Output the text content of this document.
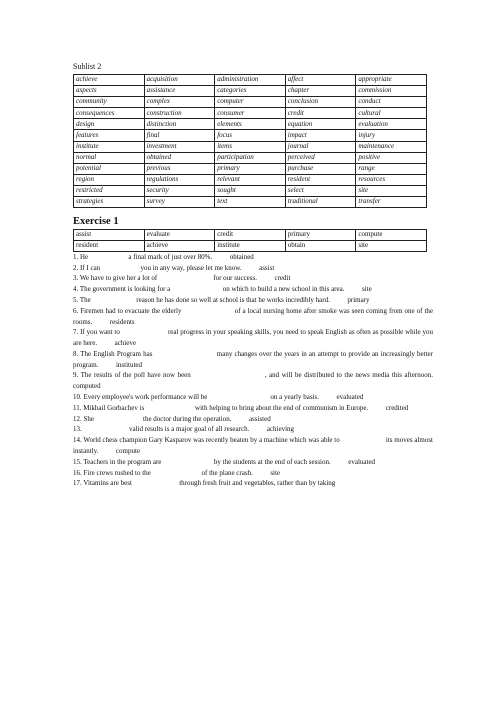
Sublist 2
achieve	acquisition	administration	affect	appropriate
aspects	assistance	categories	chapter	commission
community	complex	computer	conclusion	conduct
consequences	construction	consumer	credit	cultural
design	distinction	elements	equation	evaluation
features	final	focus	impact	injury
institute	investment	items	journal	maintenance
normal	obtained	participation	perceived	positive
potential	previous	primary	purchase	range
region	regulations	relevant	resident	resources
restricted	security	sought	select	site
strategies	survey	text	traditional	transfer
Exercise 1
assist	evaluate	credit	primary	compute
resident	achieve	institute	obtain	site
1. He                       a final mark of just over 80%.          obtained
2. If I can                       you in any way, please let me know.          assist
3. We have to give her a lot of                                for our success.          credit
4. The government is looking for a                              on which to build a new school in this area.          site
5. The                          reason he has done so well at school is that he works incredibly hard.          primary
6. Firemen had to evacuate the elderly                           of a local nursing home after smoke was seen coming from one of the rooms.          residents
7. If you want to                          real progress in your speaking skills, you need to speak English as often as possible while you are here.          achieve
8. The English Program has                              many changes over the years in an attempt to provide an increasingly better program.          instituted
9. The results of the poll have now been                              , and will be distributed to the news media this afternoon.          computed
10. Every employee's work performance will be                                    on a yearly basis.          evaluated
11. Mikhail Gorbachev is                             with helping to bring about the end of communism in Europe.          credited
12. She                            the doctor during the operation.          assisted
13.                           valid results is a major goal of all research.          achieving
14. World chess champion Gary Kasparov was recently beaten by a machine which was able to                          its moves almost instantly.          compute
15. Teachers in the program are                              by the students at the end of each session.          evaluated
16. Fire crews rushed to the                             of the plane crash.          site
17. Vitamins are best                           through fresh fruit and vegetables, rather than by taking
